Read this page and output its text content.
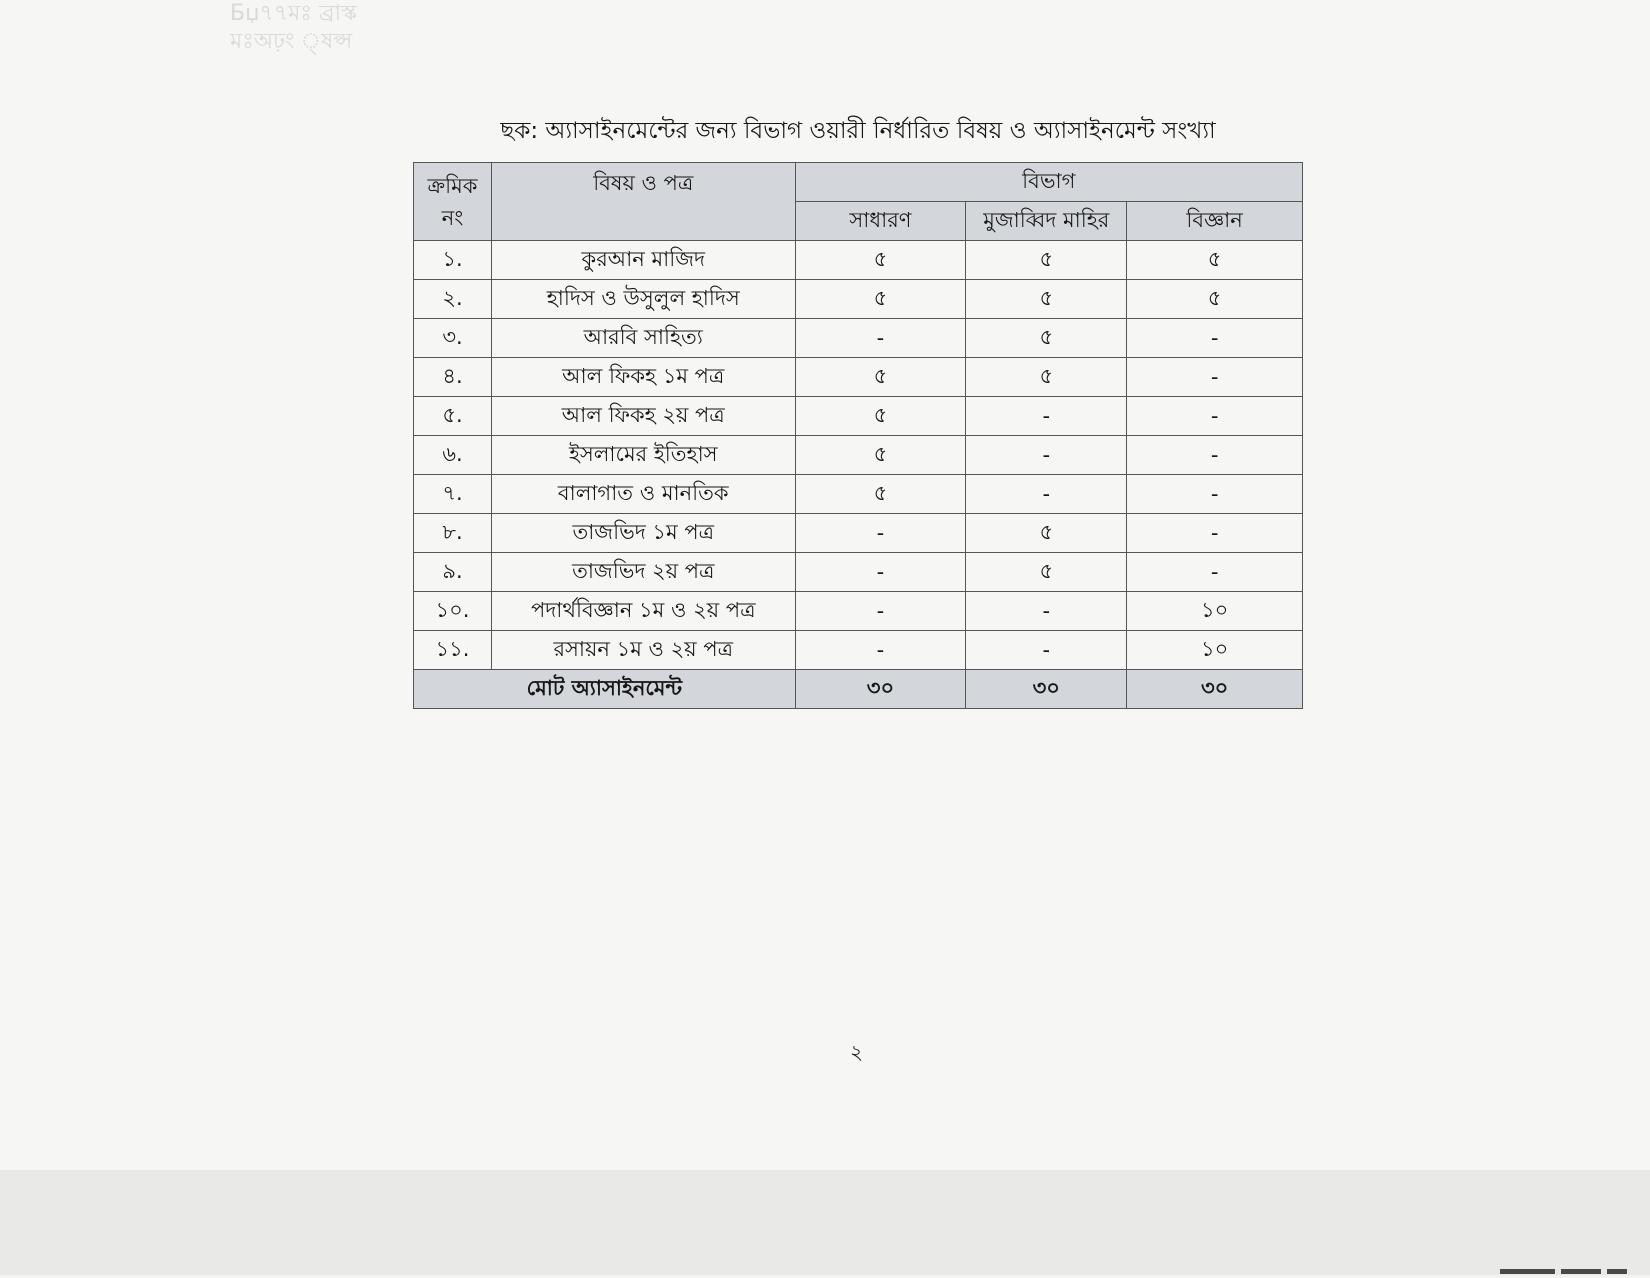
Бџ৭৭মঃ ব্রাস্ক
মঃঅঢ়ং ্ষপ্স
ছক: অ্যাসাইনমেন্টের জন্য বিভাগ ওয়ারী নির্ধারিত বিষয় ও অ্যাসাইনমেন্ট সংখ্যা
ক্রমিক
নং	বিষয় ও পত্র	বিভাগ		
		সাধারণ	মুজাব্বিদ মাহির	বিজ্ঞান
১.	কুরআন মাজিদ	৫	৫	৫
২.	হাদিস ও উসুলুল হাদিস	৫	৫	৫
৩.	আরবি সাহিত্য	-	৫	-
৪.	আল ফিকহ ১ম পত্র	৫	৫	-
৫.	আল ফিকহ ২য় পত্র	৫	-	-
৬.	ইসলামের ইতিহাস	৫	-	-
৭.	বালাগাত ও মানতিক	৫	-	-
৮.	তাজভিদ ১ম পত্র	-	৫	-
৯.	তাজভিদ ২য় পত্র	-	৫	-
১০.	পদার্থবিজ্ঞান ১ম ও ২য় পত্র	-	-	১০
১১.	রসায়ন ১ম ও ২য় পত্র	-	-	১০
মোট অ্যাসাইনমেন্ট		৩০	৩০	৩০
২
